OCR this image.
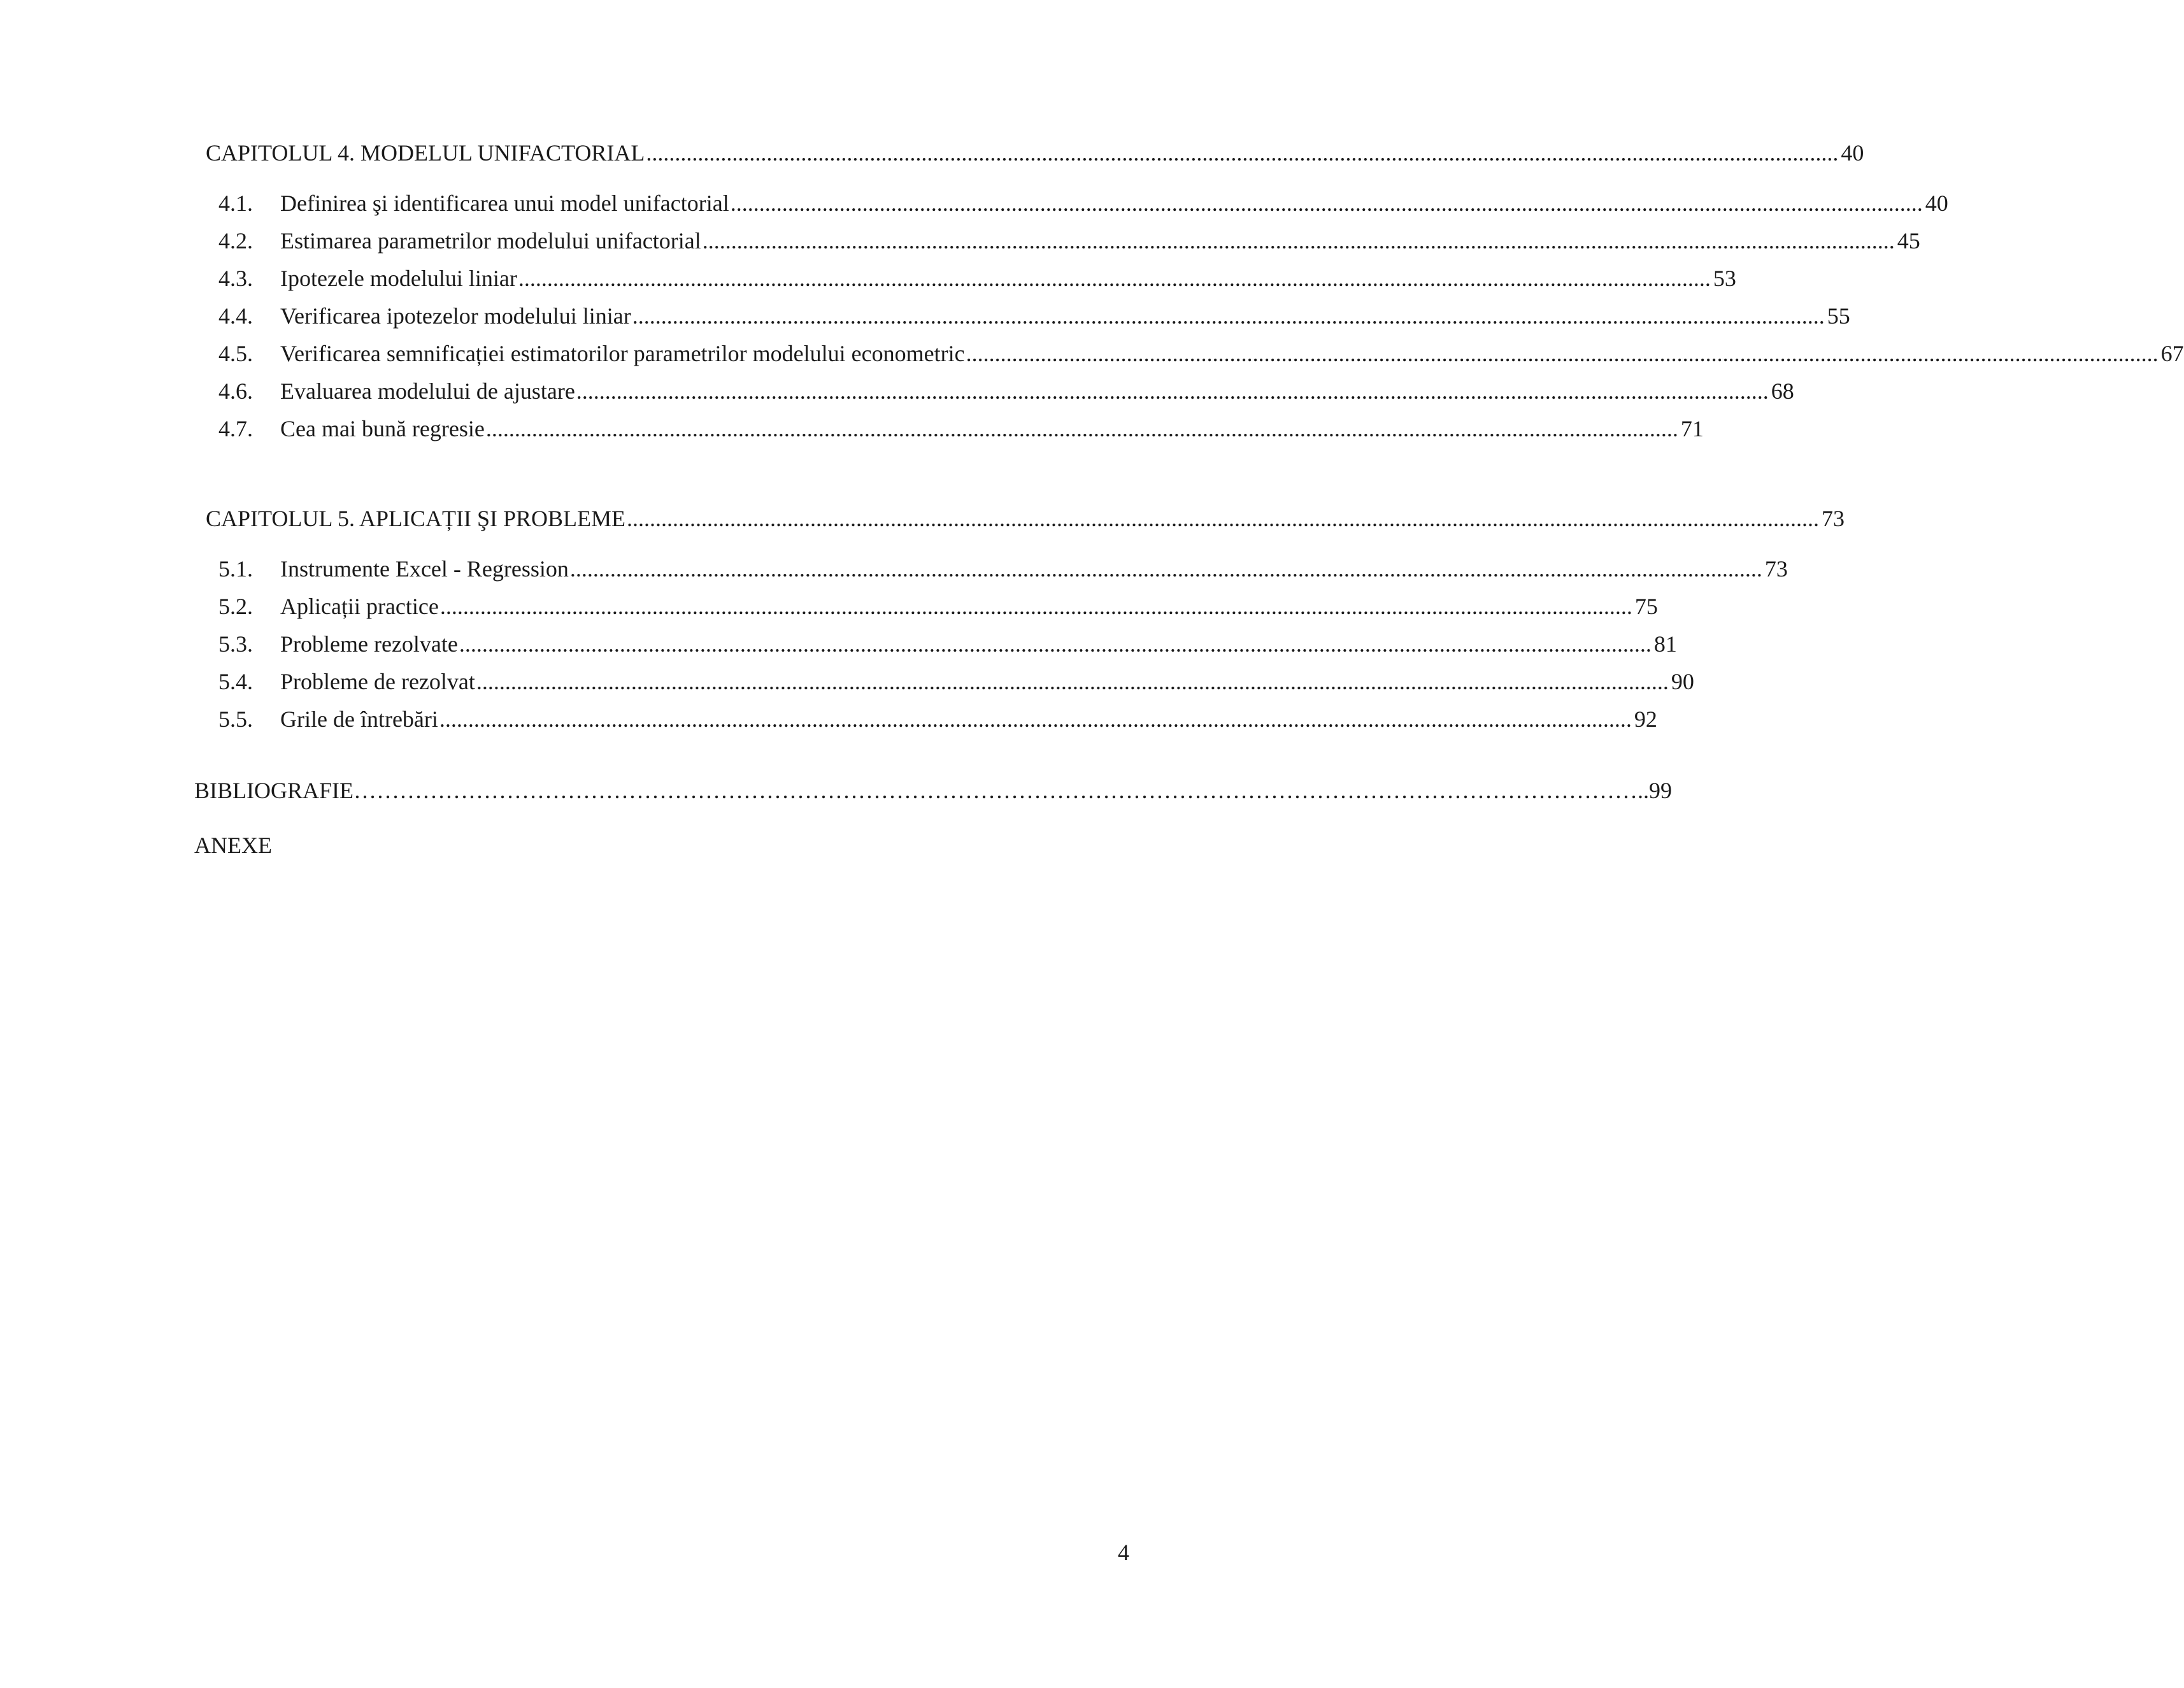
CAPITOLUL 4. MODELUL UNIFACTORIAL ................................................................................................................................................................................................................ 40
4.1.	Definirea şi identificarea unui model unifactorial ................................................................................................................................................................................................................ 40
4.2.	Estimarea parametrilor modelului unifactorial ................................................................................................................................................................................................................ 45
4.3.	Ipotezele modelului liniar ................................................................................................................................................................................................................ 53
4.4.	Verificarea ipotezelor modelului liniar ................................................................................................................................................................................................................ 55
4.5.	Verificarea semnificației estimatorilor parametrilor modelului econometric ................................................................................................................................................................................................................ 67
4.6.	Evaluarea modelului de ajustare ................................................................................................................................................................................................................ 68
4.7.	Cea mai bună regresie ................................................................................................................................................................................................................ 71
CAPITOLUL 5. APLICAȚII ŞI PROBLEME ................................................................................................................................................................................................................ 73
5.1.	Instrumente Excel - Regression ................................................................................................................................................................................................................ 73
5.2.	Aplicații practice ................................................................................................................................................................................................................ 75
5.3.	Probleme rezolvate ................................................................................................................................................................................................................ 81
5.4.	Probleme de rezolvat ................................................................................................................................................................................................................ 90
5.5.	Grile de întrebări ................................................................................................................................................................................................................ 92
BIBLIOGRAFIE …………………………………………………………………………………………………………………………………………………… ..99
ANEXE
4
